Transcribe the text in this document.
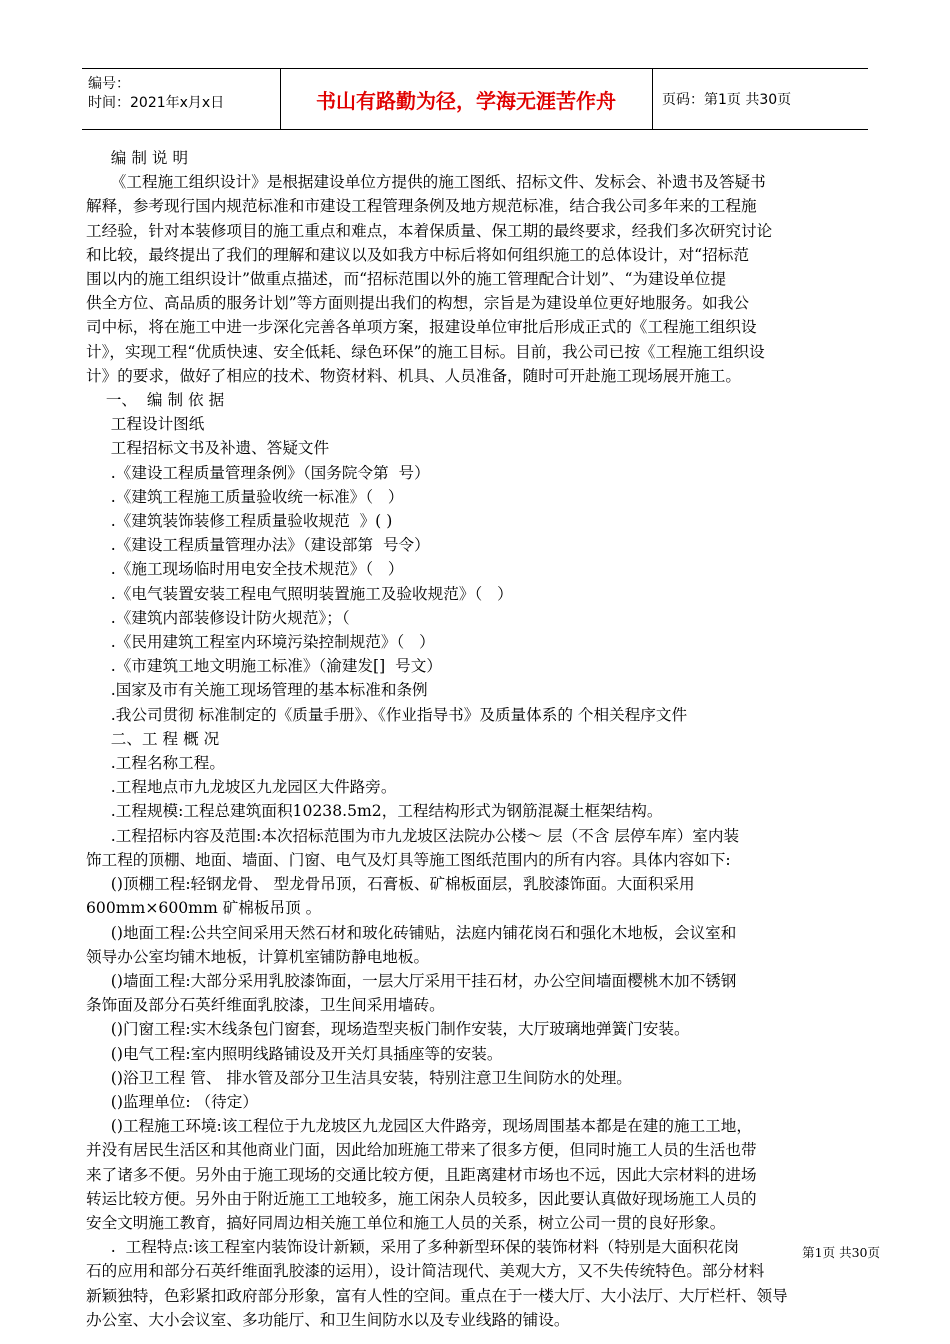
编号：
时间：2021年x月x日	书山有路勤为径，学海无涯苦作舟	页码：第1页 共30页

编 制 说 明

《工程施工组织设计》是根据建设单位方提供的施工图纸、招标文件、发标会、补遗书及答疑书

解释，参考现行国内规范标准和市建设工程管理条例及地方规范标准，结合我公司多年来的工程施

工经验，针对本装修项目的施工重点和难点，本着保质量、保工期的最终要求，经我们多次研究讨论

和比较，最终提出了我们的理解和建议以及如我方中标后将如何组织施工的总体设计，对“招标范

围以内的施工组织设计”做重点描述，而“招标范围以外的施工管理配合计划”、“为建设单位提

供全方位、高品质的服务计划”等方面则提出我们的构想，宗旨是为建设单位更好地服务。如我公

司中标，将在施工中进一步深化完善各单项方案，报建设单位审批后形成正式的《工程施工组织设

计》，实现工程“优质快速、安全低耗、绿色环保”的施工目标。目前，我公司已按《工程施工组织设

计》的要求，做好了相应的技术、物资材料、机具、人员准备，随时可开赴施工现场展开施工。

一、  编 制 依 据

工程设计图纸

工程招标文书及补遗、答疑文件

.《建设工程质量管理条例》（国务院令第  号）

.《建筑工程施工质量验收统一标准》（   ）

.《建筑装饰装修工程质量验收规范  》( )

.《建设工程质量管理办法》（建设部第  号令）

.《施工现场临时用电安全技术规范》（   ）

.《电气装置安装工程电气照明装置施工及验收规范》（   ）

.《建筑内部装修设计防火规范》；（

.《民用建筑工程室内环境污染控制规范》（   ）

.《市建筑工地文明施工标准》（渝建发[]  号文）

.国家及市有关施工现场管理的基本标准和条例

.我公司贯彻 标准制定的《质量手册》、《作业指导书》及质量体系的 个相关程序文件

二、工 程 概 况

.工程名称工程。

.工程地点市九龙坡区九龙园区大件路旁。

.工程规模:工程总建筑面积10238.5m2，工程结构形式为钢筋混凝土框架结构。

.工程招标内容及范围:本次招标范围为市九龙坡区法院办公楼～ 层（不含 层停车库）室内装

饰工程的顶棚、地面、墙面、门窗、电气及灯具等施工图纸范围内的所有内容。具体内容如下:

()顶棚工程:轻钢龙骨、 型龙骨吊顶，石膏板、矿棉板面层，乳胶漆饰面。大面积采用

600mm×600mm 矿棉板吊顶 。

()地面工程:公共空间采用天然石材和玻化砖铺贴，法庭内铺花岗石和强化木地板，会议室和

领导办公室均铺木地板，计算机室铺防静电地板。

()墙面工程:大部分采用乳胶漆饰面，一层大厅采用干挂石材，办公空间墙面樱桃木加不锈钢

条饰面及部分石英纤维面乳胶漆，卫生间采用墙砖。

()门窗工程:实木线条包门窗套，现场造型夹板门制作安装，大厅玻璃地弹簧门安装。

()电气工程:室内照明线路铺设及开关灯具插座等的安装。

()浴卫工程 管、 排水管及部分卫生洁具安装，特别注意卫生间防水的处理。

()监理单位: （待定）

()工程施工环境:该工程位于九龙坡区九龙园区大件路旁，现场周围基本都是在建的施工工地，

并没有居民生活区和其他商业门面，因此给加班施工带来了很多方便，但同时施工人员的生活也带

来了诸多不便。另外由于施工现场的交通比较方便，且距离建材市场也不远，因此大宗材料的进场

转运比较方便。另外由于附近施工工地较多，施工闲杂人员较多，因此要认真做好现场施工人员的

安全文明施工教育，搞好同周边相关施工单位和施工人员的关系，树立公司一贯的良好形象。

.  工程特点:该工程室内装饰设计新颖，采用了多种新型环保的装饰材料（特别是大面积花岗

石的应用和部分石英纤维面乳胶漆的运用），设计简洁现代、美观大方，又不失传统特色。部分材料

新颖独特，色彩紧扣政府部分形象，富有人性的空间。重点在于一楼大厅、大小法厅、大厅栏杆、领导

办公室、大小会议室、多功能厅、和卫生间防水以及专业线路的铺设。

第1页 共30页
